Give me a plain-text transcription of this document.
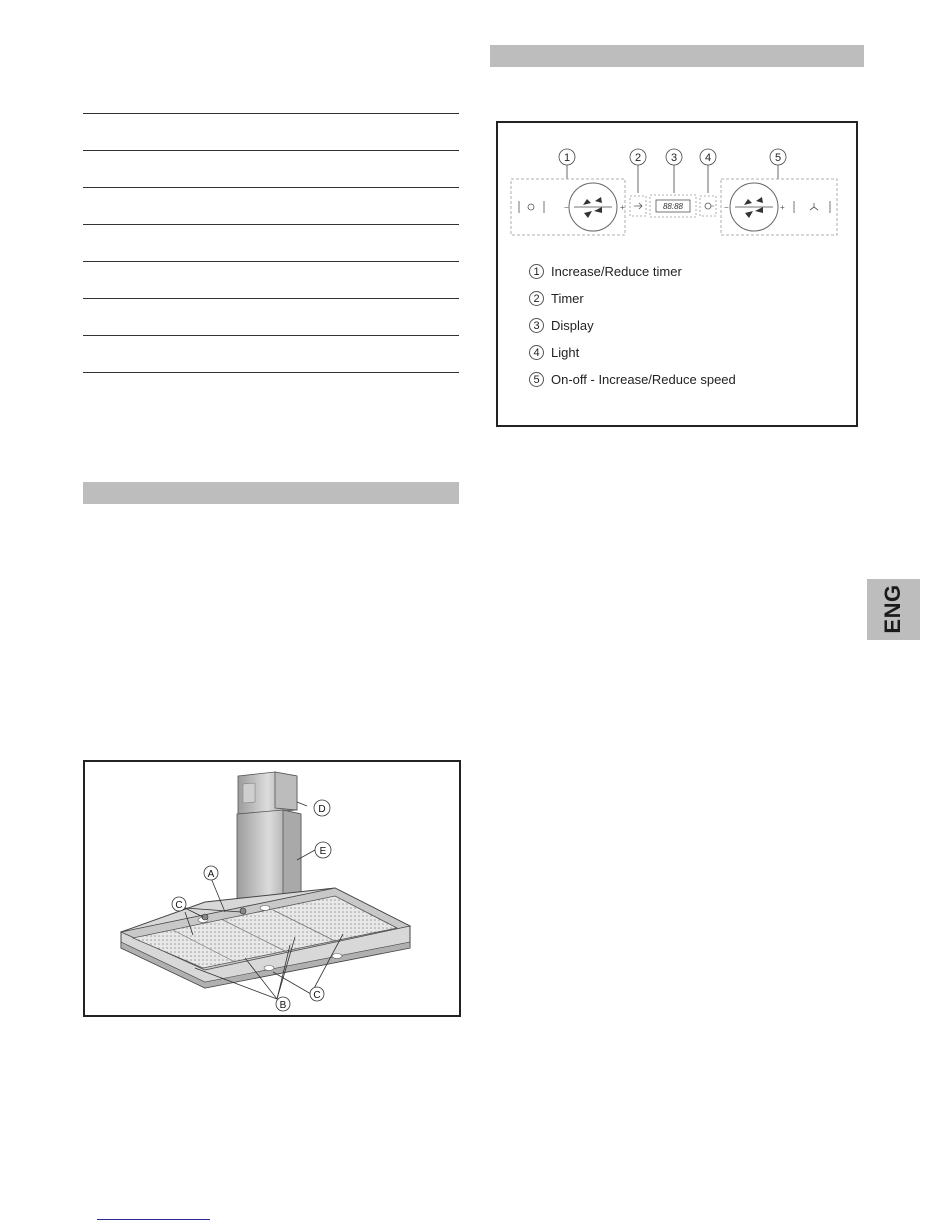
1	2	3	4	5
−	+	88:88	−	+
1 Increase/Reduce timer
2 Timer
3 Display
4 Light
5 On-off - Increase/Reduce speed
D
E
A
C
B
C
ENG
